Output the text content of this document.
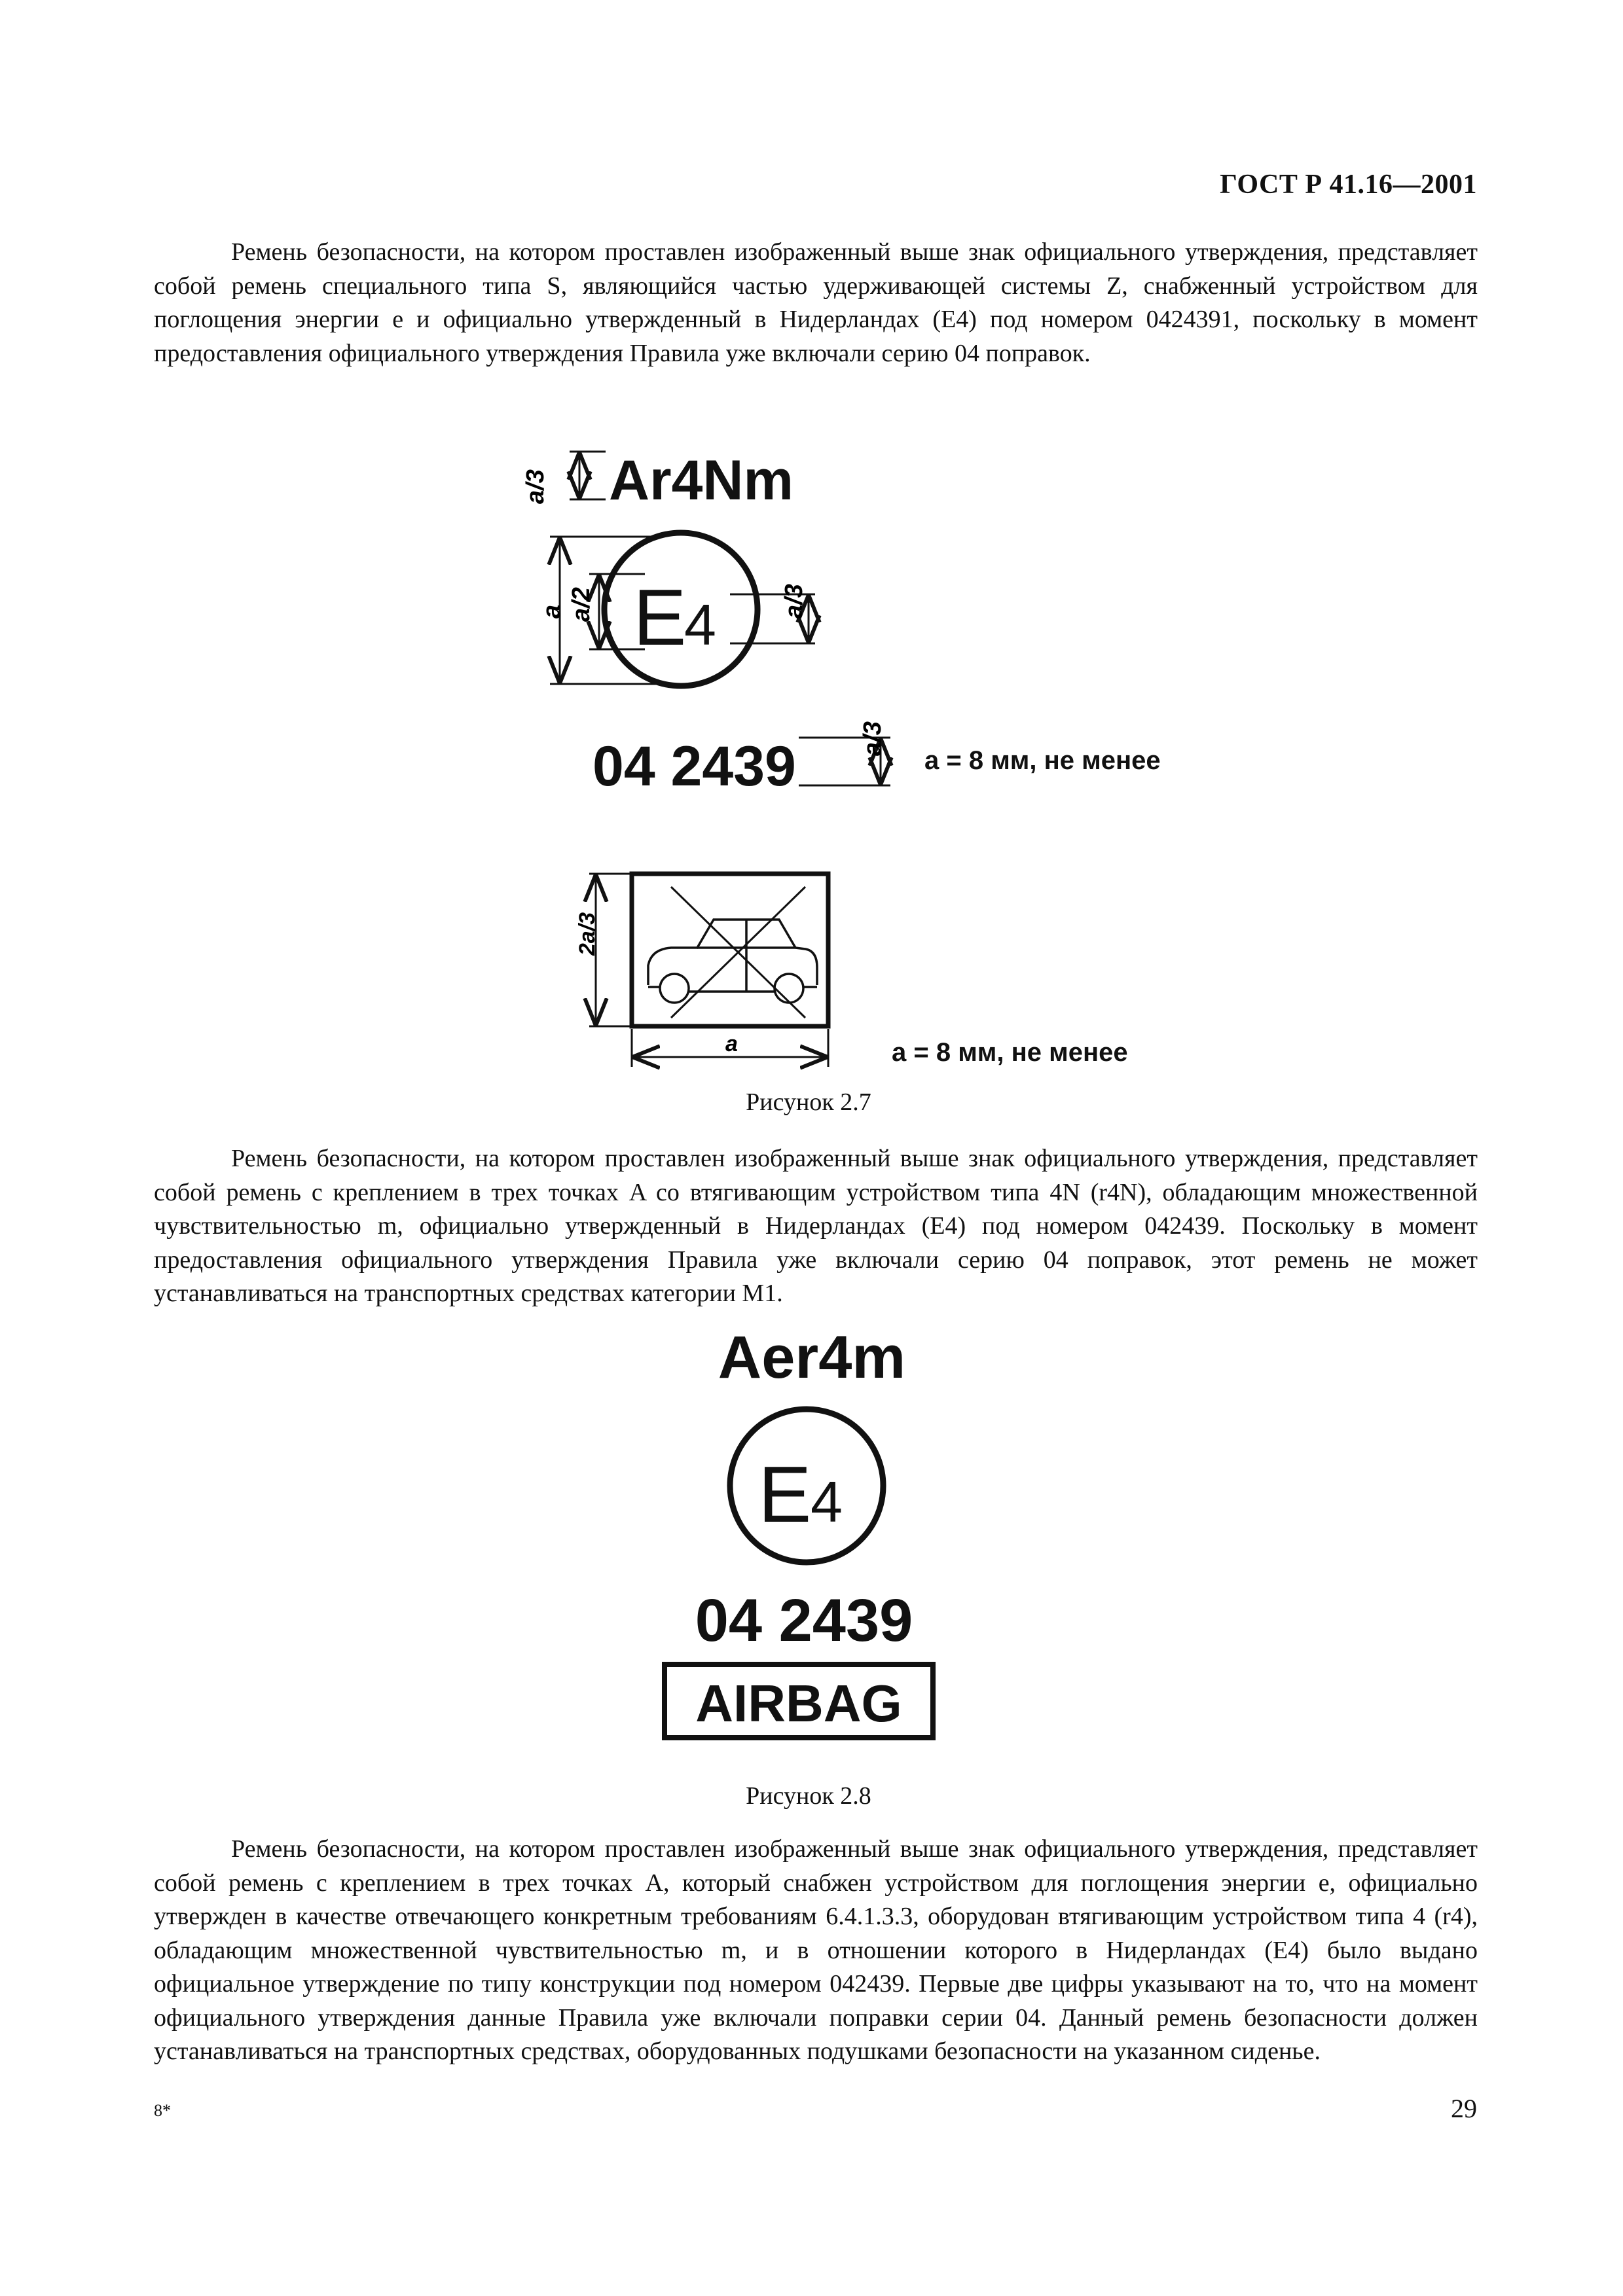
ГОСТ Р 41.16—2001
Ремень безопасности, на котором проставлен изображенный выше знак официального утверждения, представляет собой ремень специального типа S, являющийся частью удерживающей системы Z, снабженный устройством для поглощения энергии e и официально утвержденный в Нидерландах (E4) под номером 0424391, поскольку в момент предоставления официального утверждения Правила уже включали серию 04 поправок.
a/3 Ar4Nm
a a/2 E
4	a/3
a/3
04 2439	a = 8 мм, не менее
2a/3
a	a = 8 мм, не менее
Рисунок 2.7
Ремень безопасности, на котором проставлен изображенный выше знак официального утверждения, представляет собой ремень с креплением в трех точках A со втягивающим устройством типа 4N (r4N), обладающим множественной чувствительностью m, официально утвержденный в Нидерландах (E4) под номером 042439. Поскольку в момент предоставления официального утверждения Правила уже включали серию 04 поправок, этот ремень не может устанавливаться на транспортных средствах категории M1.
Aer4m
E
4
04 2439
AIRBAG
Рисунок 2.8
Ремень безопасности, на котором проставлен изображенный выше знак официального утверждения, представляет собой ремень с креплением в трех точках A, который снабжен устройством для поглощения энергии e, официально утвержден в качестве отвечающего конкретным требованиям 6.4.1.3.3, оборудован втягивающим устройством типа 4 (r4), обладающим множественной чувствительностью m, и в отношении которого в Нидерландах (E4) было выдано официальное утверждение по типу конструкции под номером 042439. Первые две цифры указывают на то, что на момент официального утверждения данные Правила уже включали поправки серии 04. Данный ремень безопасности должен устанавливаться на транспортных средствах, оборудованных подушками безопасности на указанном сиденье.
8*	29
